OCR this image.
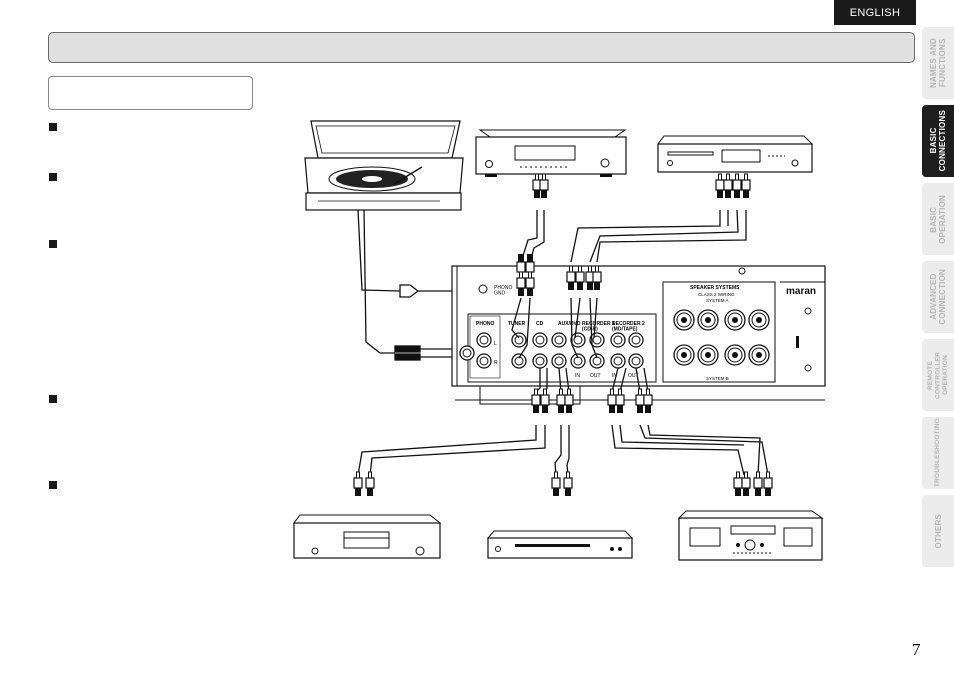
ENGLISH
NAMES AND
FUNCTIONS
BASIC
CONNECTIONS
BASIC
OPERATION
ADVANCED
CONNECTION
REMOTE CONTROLLER
OPERATION
TROUBLESHOOTING
OTHERS
7
maran
PHONO GND
PHONO	TUNER CD	AUX/DVD RECORDER 1 (CD-R)
RECORDER 2 (MD/TAPE)
L
R
IN OUT IN OUT
SPEAKER SYSTEMS
CLASS 2 WIRING
SYSTEM A
SYSTEM B
